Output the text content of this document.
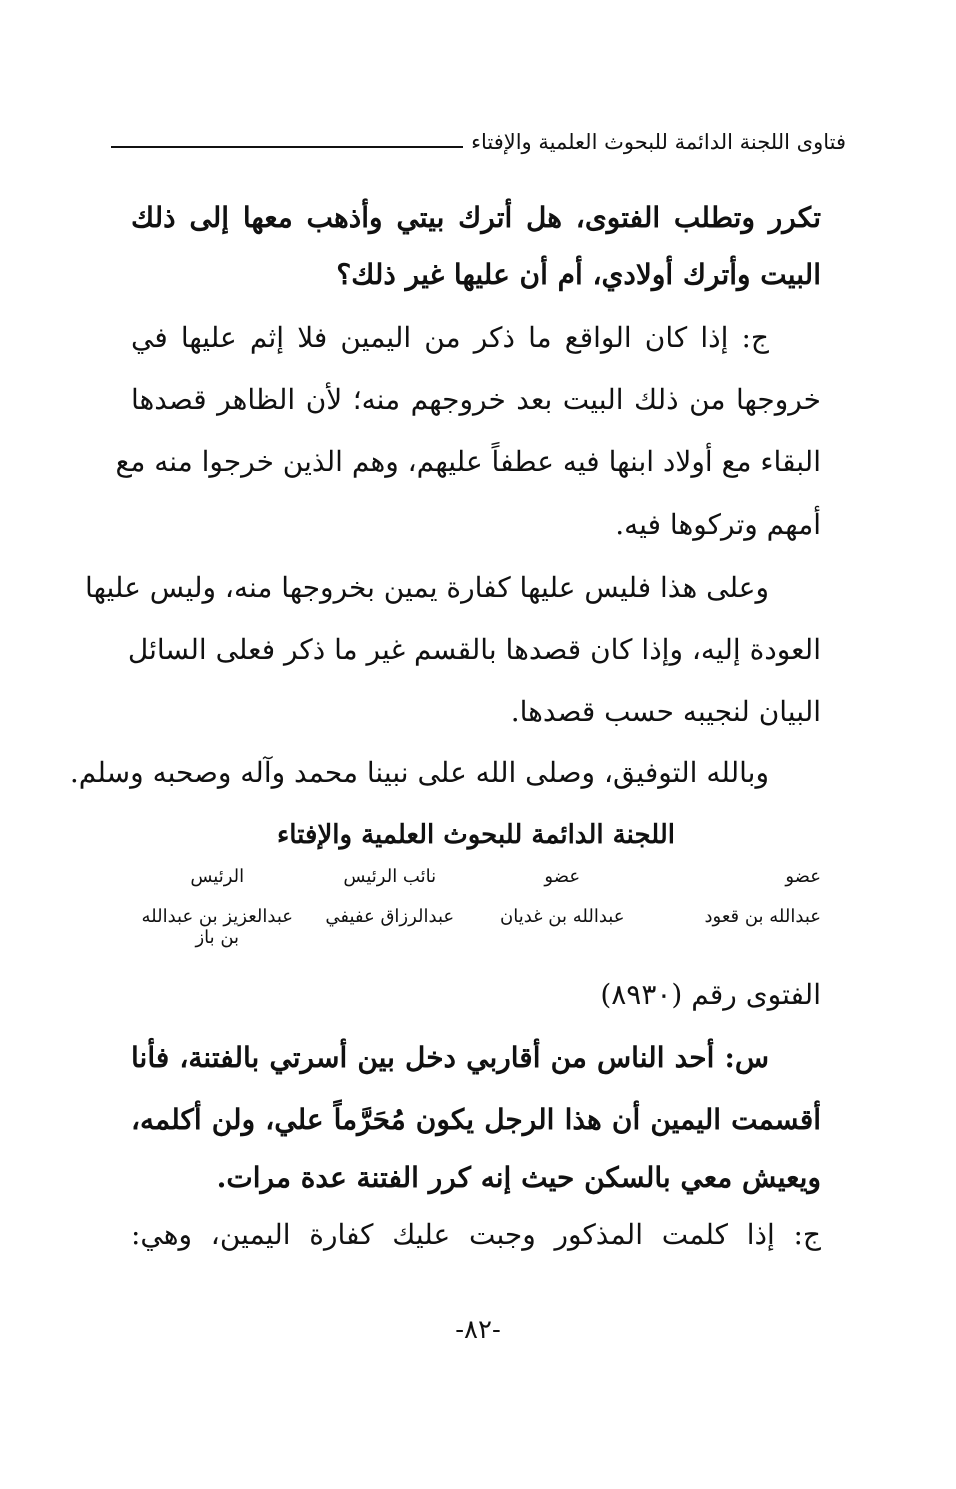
فتاوى اللجنة الدائمة للبحوث العلمية والإفتاء
تكرر وتطلب الفتوى، هل أترك بيتي وأذهب معها إلى ذلك
البيت وأترك أولادي، أم أن عليها غير ذلك؟
ج: إذا كان الواقع ما ذكر من اليمين فلا إثم عليها في
خروجها من ذلك البيت بعد خروجهم منه؛ لأن الظاهر قصدها
البقاء مع أولاد ابنها فيه عطفاً عليهم، وهم الذين خرجوا منه مع
أمهم وتركوها فيه.
وعلى هذا فليس عليها كفارة يمين بخروجها منه، وليس عليها
العودة إليه، وإذا كان قصدها بالقسم غير ما ذكر فعلى السائل
البيان لنجيبه حسب قصدها.
وبالله التوفيق، وصلى الله على نبينا محمد وآله وصحبه وسلم.
اللجنة الدائمة للبحوث العلمية والإفتاء
عضو
عضو
نائب الرئيس
الرئيس
عبدالله بن قعود
عبدالله بن غديان
عبدالرزاق عفيفي
عبدالعزيز بن عبدالله بن باز
الفتوى رقم (٨٩٣٠)
س: أحد الناس من أقاربي دخل بين أسرتي بالفتنة، فأنا
أقسمت اليمين أن هذا الرجل يكون مُحَرَّماً علي، ولن أكلمه،
ويعيش معي بالسكن حيث إنه كرر الفتنة عدة مرات.
ج: إذا كلمت المذكور وجبت عليك كفارة اليمين، وهي:
-٨٢-
